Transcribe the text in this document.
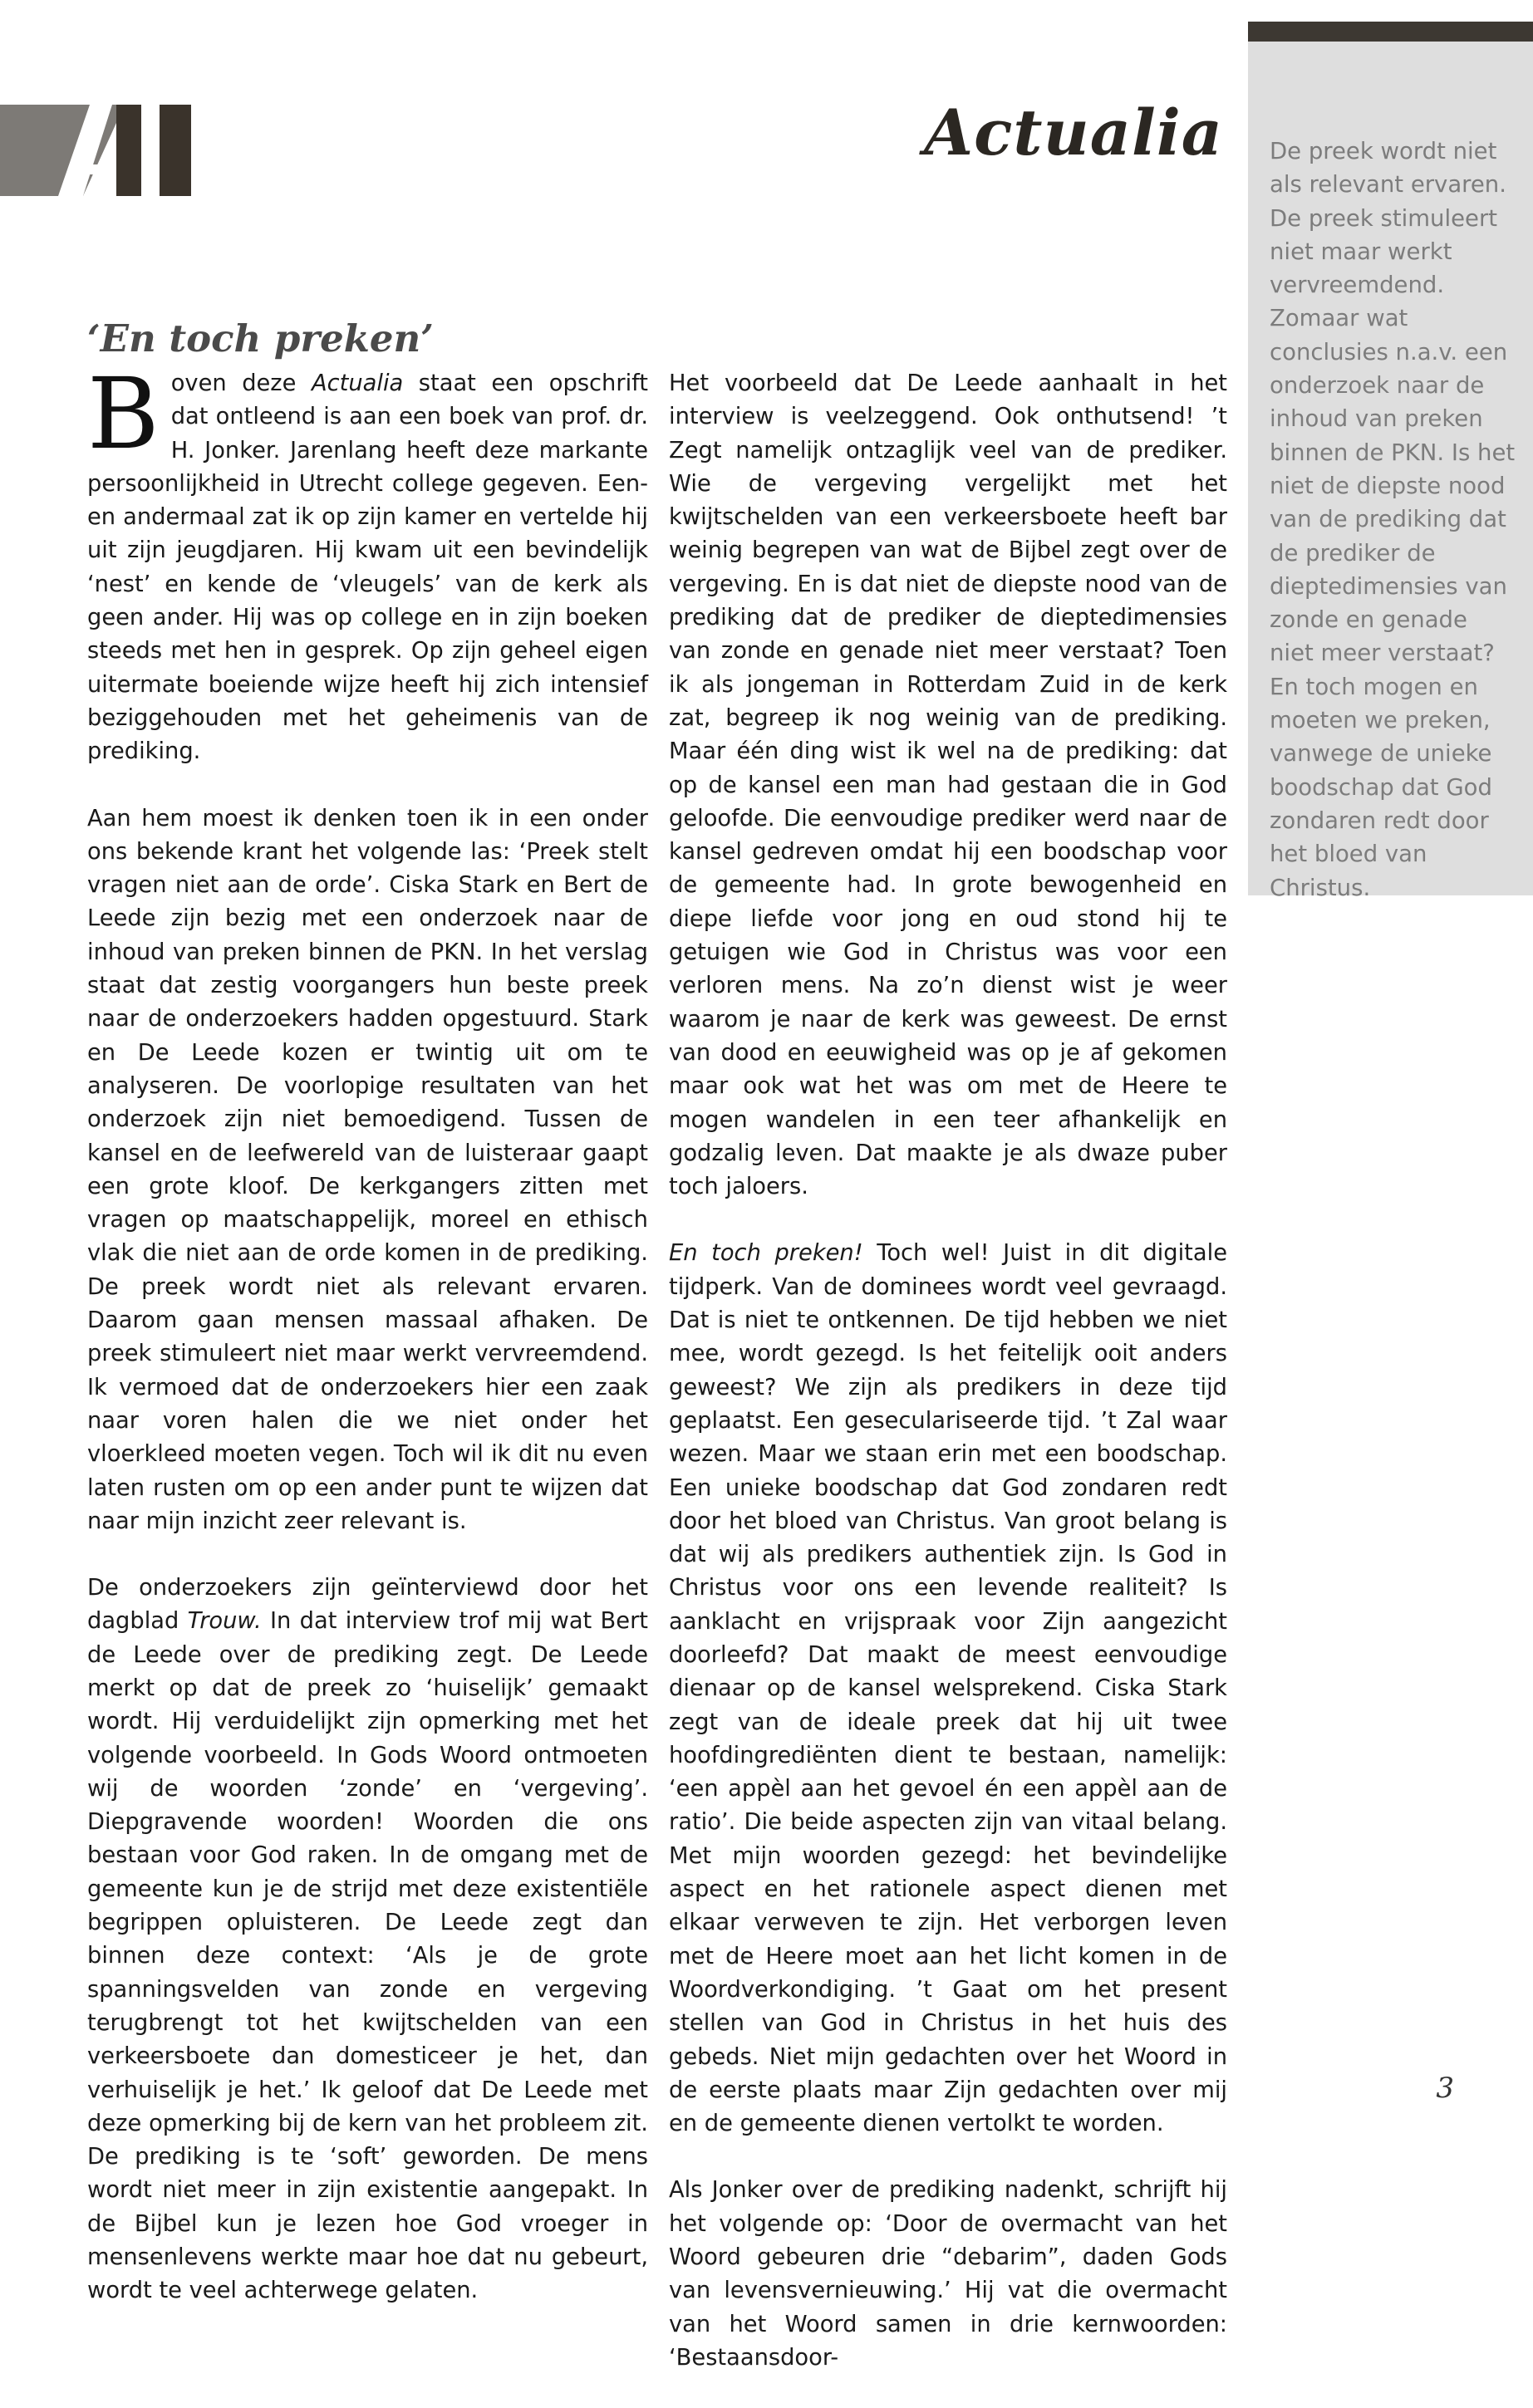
Actualia De preek wordt niet als relevant ervaren. De preek stimuleert niet maar werkt vervreemdend. Zomaar wat conclusies n.a.v. een onderzoek naar de inhoud van preken binnen de PKN. Is het niet de diepste nood van de prediking dat de prediker de dieptedimensies van zonde en genade niet meer verstaat? En toch mogen en moeten we preken, vanwege de unieke boodschap dat God zondaren redt door het bloed van Christus.

‘En toch preken’

Boven deze Actualia staat een opschrift dat ontleend is aan een boek van prof. dr. H. Jonker. Jarenlang heeft deze markante persoonlijkheid in Utrecht college gegeven. Een- en andermaal zat ik op zijn kamer en vertelde hij uit zijn jeugdjaren. Hij kwam uit een bevindelijk ‘nest’ en kende de ‘vleugels’ van de kerk als geen ander. Hij was op college en in zijn boeken steeds met hen in gesprek. Op zijn geheel eigen uitermate boeiende wijze heeft hij zich intensief beziggehouden met het geheimenis van de prediking.

Aan hem moest ik denken toen ik in een onder ons bekende krant het volgende las: ‘Preek stelt vragen niet aan de orde’. Ciska Stark en Bert de Leede zijn bezig met een onderzoek naar de inhoud van preken binnen de PKN. In het verslag staat dat zestig voorgangers hun beste preek naar de onderzoekers hadden opgestuurd. Stark en De Leede kozen er twintig uit om te analyseren. De voorlopige resultaten van het onderzoek zijn niet bemoedigend. Tussen de kansel en de leefwereld van de luisteraar gaapt een grote kloof. De kerkgangers zitten met vragen op maatschappelijk, moreel en ethisch vlak die niet aan de orde komen in de prediking. De preek wordt niet als relevant ervaren. Daarom gaan mensen massaal afhaken. De preek stimuleert niet maar werkt vervreemdend. Ik vermoed dat de onderzoekers hier een zaak naar voren halen die we niet onder het vloerkleed moeten vegen. Toch wil ik dit nu even laten rusten om op een ander punt te wijzen dat naar mijn inzicht zeer relevant is.

De onderzoekers zijn geïnterviewd door het dagblad Trouw. In dat interview trof mij wat Bert de Leede over de prediking zegt. De Leede merkt op dat de preek zo ‘huiselijk’ gemaakt wordt. Hij verduidelijkt zijn opmerking met het volgende voorbeeld. In Gods Woord ontmoeten wij de woorden ‘zonde’ en ‘vergeving’. Diepgravende woorden! Woorden die ons bestaan voor God raken. In de omgang met de gemeente kun je de strijd met deze existentiële begrippen opluisteren. De Leede zegt dan binnen deze context: ‘Als je de grote spanningsvelden van zonde en vergeving terugbrengt tot het kwijtschelden van een verkeersboete dan domesticeer je het, dan verhuiselijk je het.’ Ik geloof dat De Leede met deze opmerking bij de kern van het probleem zit. De prediking is te ‘soft’ geworden. De mens wordt niet meer in zijn existentie aangepakt. In de Bijbel kun je lezen hoe God vroeger in mensenlevens werkte maar hoe dat nu gebeurt, wordt te veel achterwege gelaten.

Het voorbeeld dat De Leede aanhaalt in het interview is veelzeggend. Ook onthutsend! ’t Zegt namelijk ontzaglijk veel van de prediker. Wie de vergeving vergelijkt met het kwijtschelden van een verkeersboete heeft bar weinig begrepen van wat de Bijbel zegt over de vergeving. En is dat niet de diepste nood van de prediking dat de prediker de dieptedimensies van zonde en genade niet meer verstaat? Toen ik als jongeman in Rotterdam Zuid in de kerk zat, begreep ik nog weinig van de prediking. Maar één ding wist ik wel na de prediking: dat op de kansel een man had gestaan die in God geloofde. Die eenvoudige prediker werd naar de kansel gedreven omdat hij een boodschap voor de gemeente had. In grote bewogenheid en diepe liefde voor jong en oud stond hij te getuigen wie God in Christus was voor een verloren mens. Na zo’n dienst wist je weer waarom je naar de kerk was geweest. De ernst van dood en eeuwigheid was op je af gekomen maar ook wat het was om met de Heere te mogen wandelen in een teer afhankelijk en godzalig leven. Dat maakte je als dwaze puber toch jaloers.

En toch preken! Toch wel! Juist in dit digitale tijdperk. Van de dominees wordt veel gevraagd. Dat is niet te ontkennen. De tijd hebben we niet mee, wordt gezegd. Is het feitelijk ooit anders geweest? We zijn als predikers in deze tijd geplaatst. Een geseculariseerde tijd. ’t Zal waar wezen. Maar we staan erin met een boodschap. Een unieke boodschap dat God zondaren redt door het bloed van Christus. Van groot belang is dat wij als predikers authentiek zijn. Is God in Christus voor ons een levende realiteit? Is aanklacht en vrijspraak voor Zijn aangezicht doorleefd? Dat maakt de meest eenvoudige dienaar op de kansel welsprekend. Ciska Stark zegt van de ideale preek dat hij uit twee hoofdingrediënten dient te bestaan, namelijk: ‘een appèl aan het gevoel én een appèl aan de ratio’. Die beide aspecten zijn van vitaal belang. Met mijn woorden gezegd: het bevindelijke aspect en het rationele aspect dienen met elkaar verweven te zijn. Het verborgen leven met de Heere moet aan het licht komen in de Woordverkondiging. ’t Gaat om het present stellen van God in Christus in het huis des gebeds. Niet mijn gedachten over het Woord in de eerste plaats maar Zijn gedachten over mij en de gemeente dienen vertolkt te worden.

Als Jonker over de prediking nadenkt, schrijft hij het volgende op: ‘Door de overmacht van het Woord gebeuren drie “debarim”, daden Gods van levensvernieuwing.’ Hij vat die overmacht van het Woord samen in drie kernwoorden: ‘Bestaansdoor-

3
